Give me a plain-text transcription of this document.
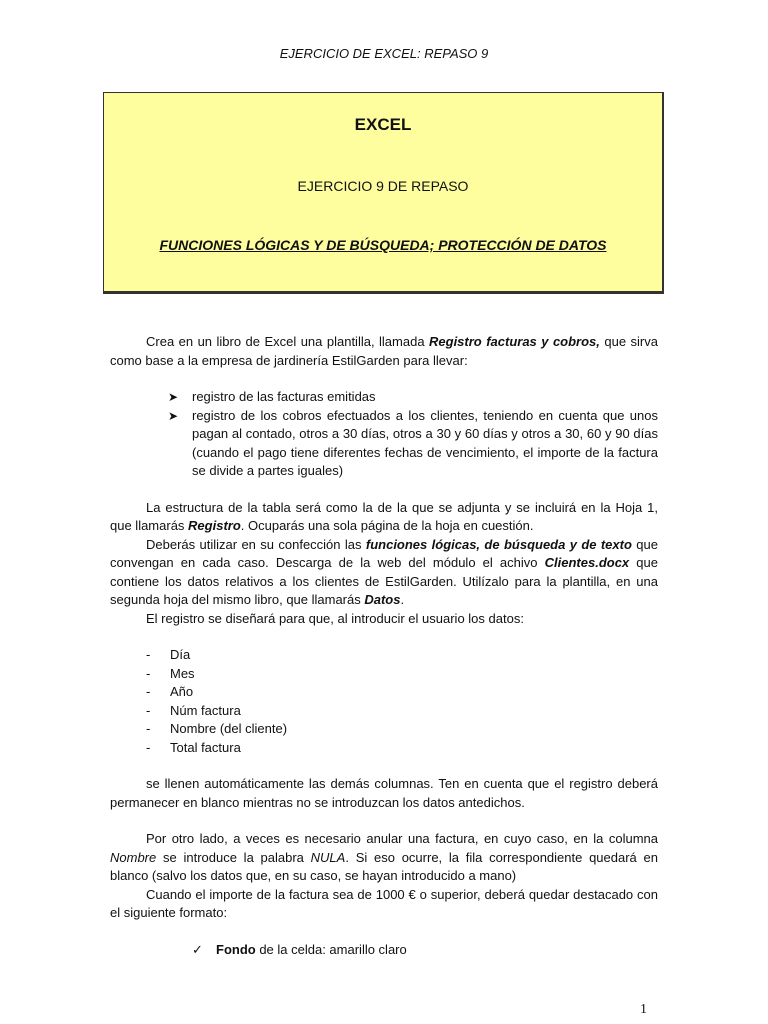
EJERCICIO DE EXCEL: REPASO 9
EXCEL
EJERCICIO 9 DE REPASO
FUNCIONES LÓGICAS Y DE BÚSQUEDA; PROTECCIÓN DE DATOS

Crea en un libro de Excel una plantilla, llamada Registro facturas y cobros, que sirva como base a la empresa de jardinería EstilGarden para llevar:

➤ registro de las facturas emitidas
➤ registro de los cobros efectuados a los clientes, teniendo en cuenta que unos pagan al contado, otros a 30 días, otros a 30 y 60 días y otros a 30, 60 y 90 días (cuando el pago tiene diferentes fechas de vencimiento, el importe de la factura se divide a partes iguales)

La estructura de la tabla será como la de la que se adjunta y se incluirá en la Hoja 1, que llamarás Registro. Ocuparás una sola página de la hoja en cuestión.

Deberás utilizar en su confección las funciones lógicas, de búsqueda y de texto que convengan en cada caso. Descarga de la web del módulo el achivo Clientes.docx que contiene los datos relativos a los clientes de EstilGarden. Utilízalo para la plantilla, en una segunda hoja del mismo libro, que llamarás Datos.

El registro se diseñará para que, al introducir el usuario los datos:

- Día
- Mes
- Año
- Núm factura
- Nombre (del cliente)
- Total factura

se llenen automáticamente las demás columnas. Ten en cuenta que el registro deberá permanecer en blanco mientras no se introduzcan los datos antedichos.

Por otro lado, a veces es necesario anular una factura, en cuyo caso, en la columna Nombre se introduce la palabra NULA. Si eso ocurre, la fila correspondiente quedará en blanco (salvo los datos que, en su caso, se hayan introducido a mano)

Cuando el importe de la factura sea de 1000 € o superior, deberá quedar destacado con el siguiente formato:

✓ Fondo de la celda: amarillo claro
1
